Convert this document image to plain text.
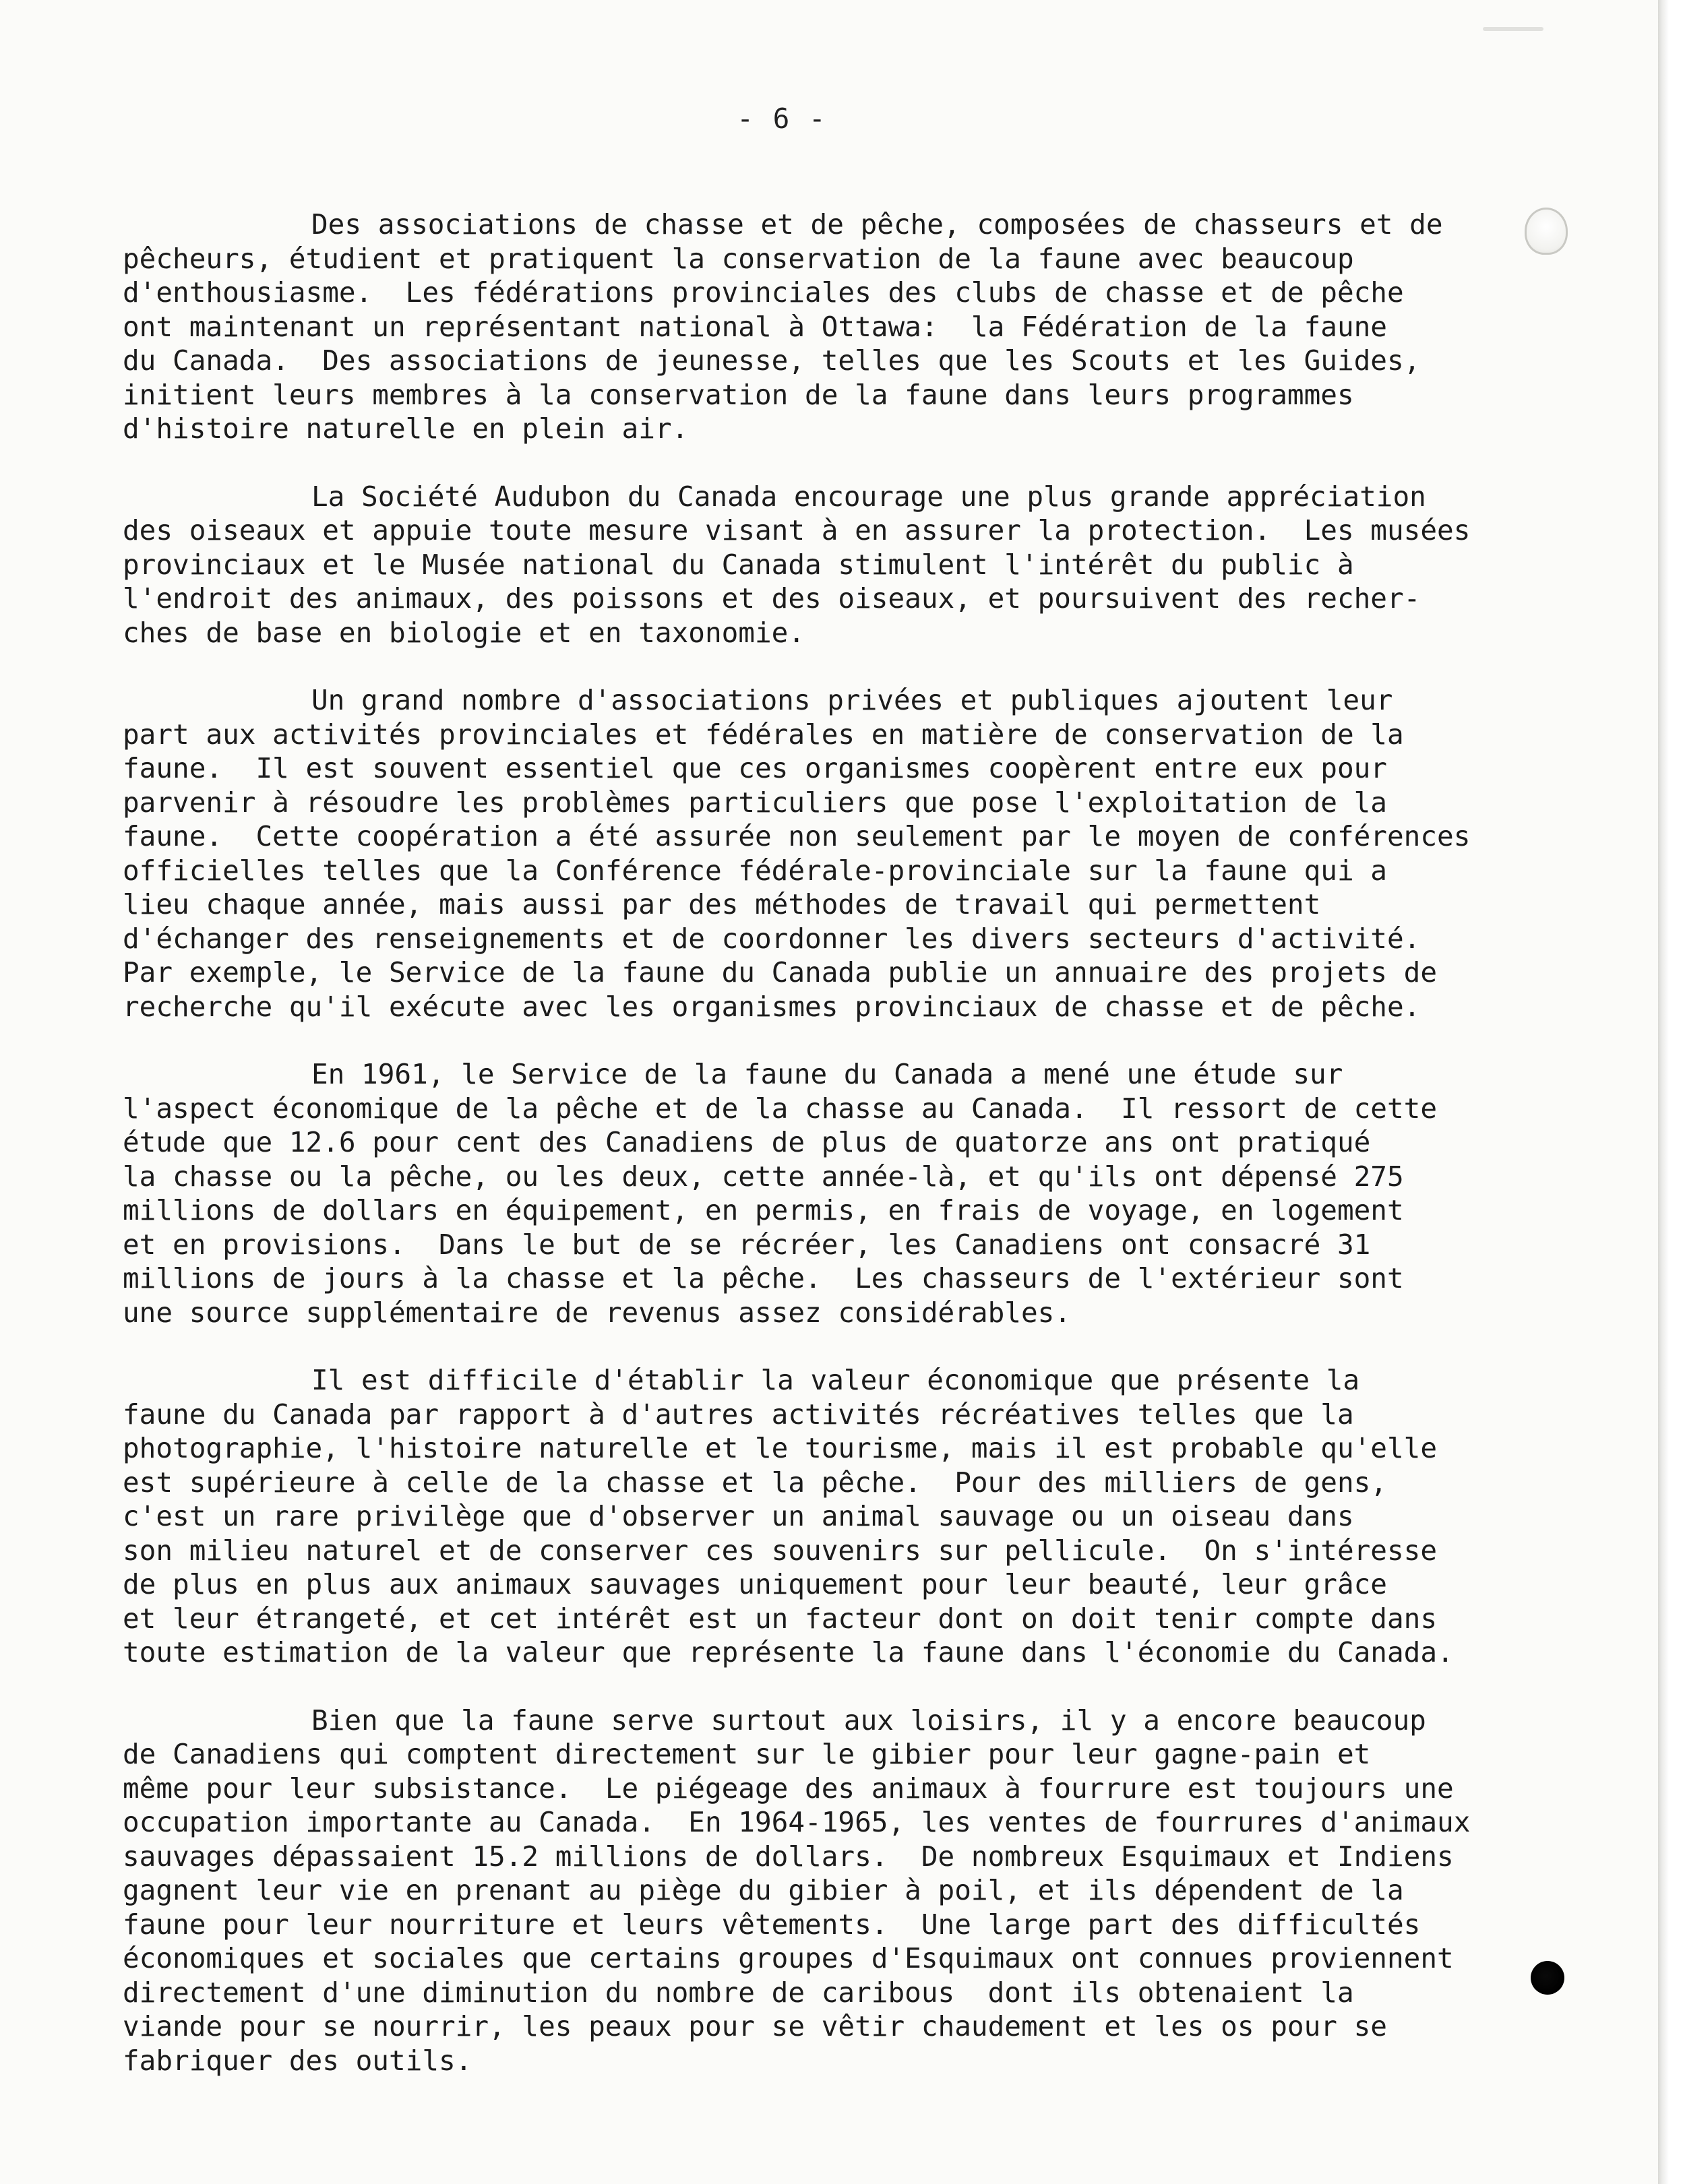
- 6 -
Des associations de chasse et de pêche, composées de chasseurs et de
pêcheurs, étudient et pratiquent la conservation de la faune avec beaucoup
d'enthousiasme.  Les fédérations provinciales des clubs de chasse et de pêche
ont maintenant un représentant national à Ottawa:  la Fédération de la faune
du Canada.  Des associations de jeunesse, telles que les Scouts et les Guides,
initient leurs membres à la conservation de la faune dans leurs programmes
d'histoire naturelle en plein air.
La Société Audubon du Canada encourage une plus grande appréciation
des oiseaux et appuie toute mesure visant à en assurer la protection.  Les musées
provinciaux et le Musée national du Canada stimulent l'intérêt du public à
l'endroit des animaux, des poissons et des oiseaux, et poursuivent des recher-
ches de base en biologie et en taxonomie.
Un grand nombre d'associations privées et publiques ajoutent leur
part aux activités provinciales et fédérales en matière de conservation de la
faune.  Il est souvent essentiel que ces organismes coopèrent entre eux pour
parvenir à résoudre les problèmes particuliers que pose l'exploitation de la
faune.  Cette coopération a été assurée non seulement par le moyen de conférences
officielles telles que la Conférence fédérale-provinciale sur la faune qui a
lieu chaque année, mais aussi par des méthodes de travail qui permettent
d'échanger des renseignements et de coordonner les divers secteurs d'activité.
Par exemple, le Service de la faune du Canada publie un annuaire des projets de
recherche qu'il exécute avec les organismes provinciaux de chasse et de pêche.
En 1961, le Service de la faune du Canada a mené une étude sur
l'aspect économique de la pêche et de la chasse au Canada.  Il ressort de cette
étude que 12.6 pour cent des Canadiens de plus de quatorze ans ont pratiqué
la chasse ou la pêche, ou les deux, cette année-là, et qu'ils ont dépensé 275
millions de dollars en équipement, en permis, en frais de voyage, en logement
et en provisions.  Dans le but de se récréer, les Canadiens ont consacré 31
millions de jours à la chasse et la pêche.  Les chasseurs de l'extérieur sont
une source supplémentaire de revenus assez considérables.
Il est difficile d'établir la valeur économique que présente la
faune du Canada par rapport à d'autres activités récréatives telles que la
photographie, l'histoire naturelle et le tourisme, mais il est probable qu'elle
est supérieure à celle de la chasse et la pêche.  Pour des milliers de gens,
c'est un rare privilège que d'observer un animal sauvage ou un oiseau dans
son milieu naturel et de conserver ces souvenirs sur pellicule.  On s'intéresse
de plus en plus aux animaux sauvages uniquement pour leur beauté, leur grâce
et leur étrangeté, et cet intérêt est un facteur dont on doit tenir compte dans
toute estimation de la valeur que représente la faune dans l'économie du Canada.
Bien que la faune serve surtout aux loisirs, il y a encore beaucoup
de Canadiens qui comptent directement sur le gibier pour leur gagne-pain et
même pour leur subsistance.  Le piégeage des animaux à fourrure est toujours une
occupation importante au Canada.  En 1964-1965, les ventes de fourrures d'animaux
sauvages dépassaient 15.2 millions de dollars.  De nombreux Esquimaux et Indiens
gagnent leur vie en prenant au piège du gibier à poil, et ils dépendent de la
faune pour leur nourriture et leurs vêtements.  Une large part des difficultés
économiques et sociales que certains groupes d'Esquimaux ont connues proviennent
directement d'une diminution du nombre de caribous  dont ils obtenaient la
viande pour se nourrir, les peaux pour se vêtir chaudement et les os pour se
fabriquer des outils.
